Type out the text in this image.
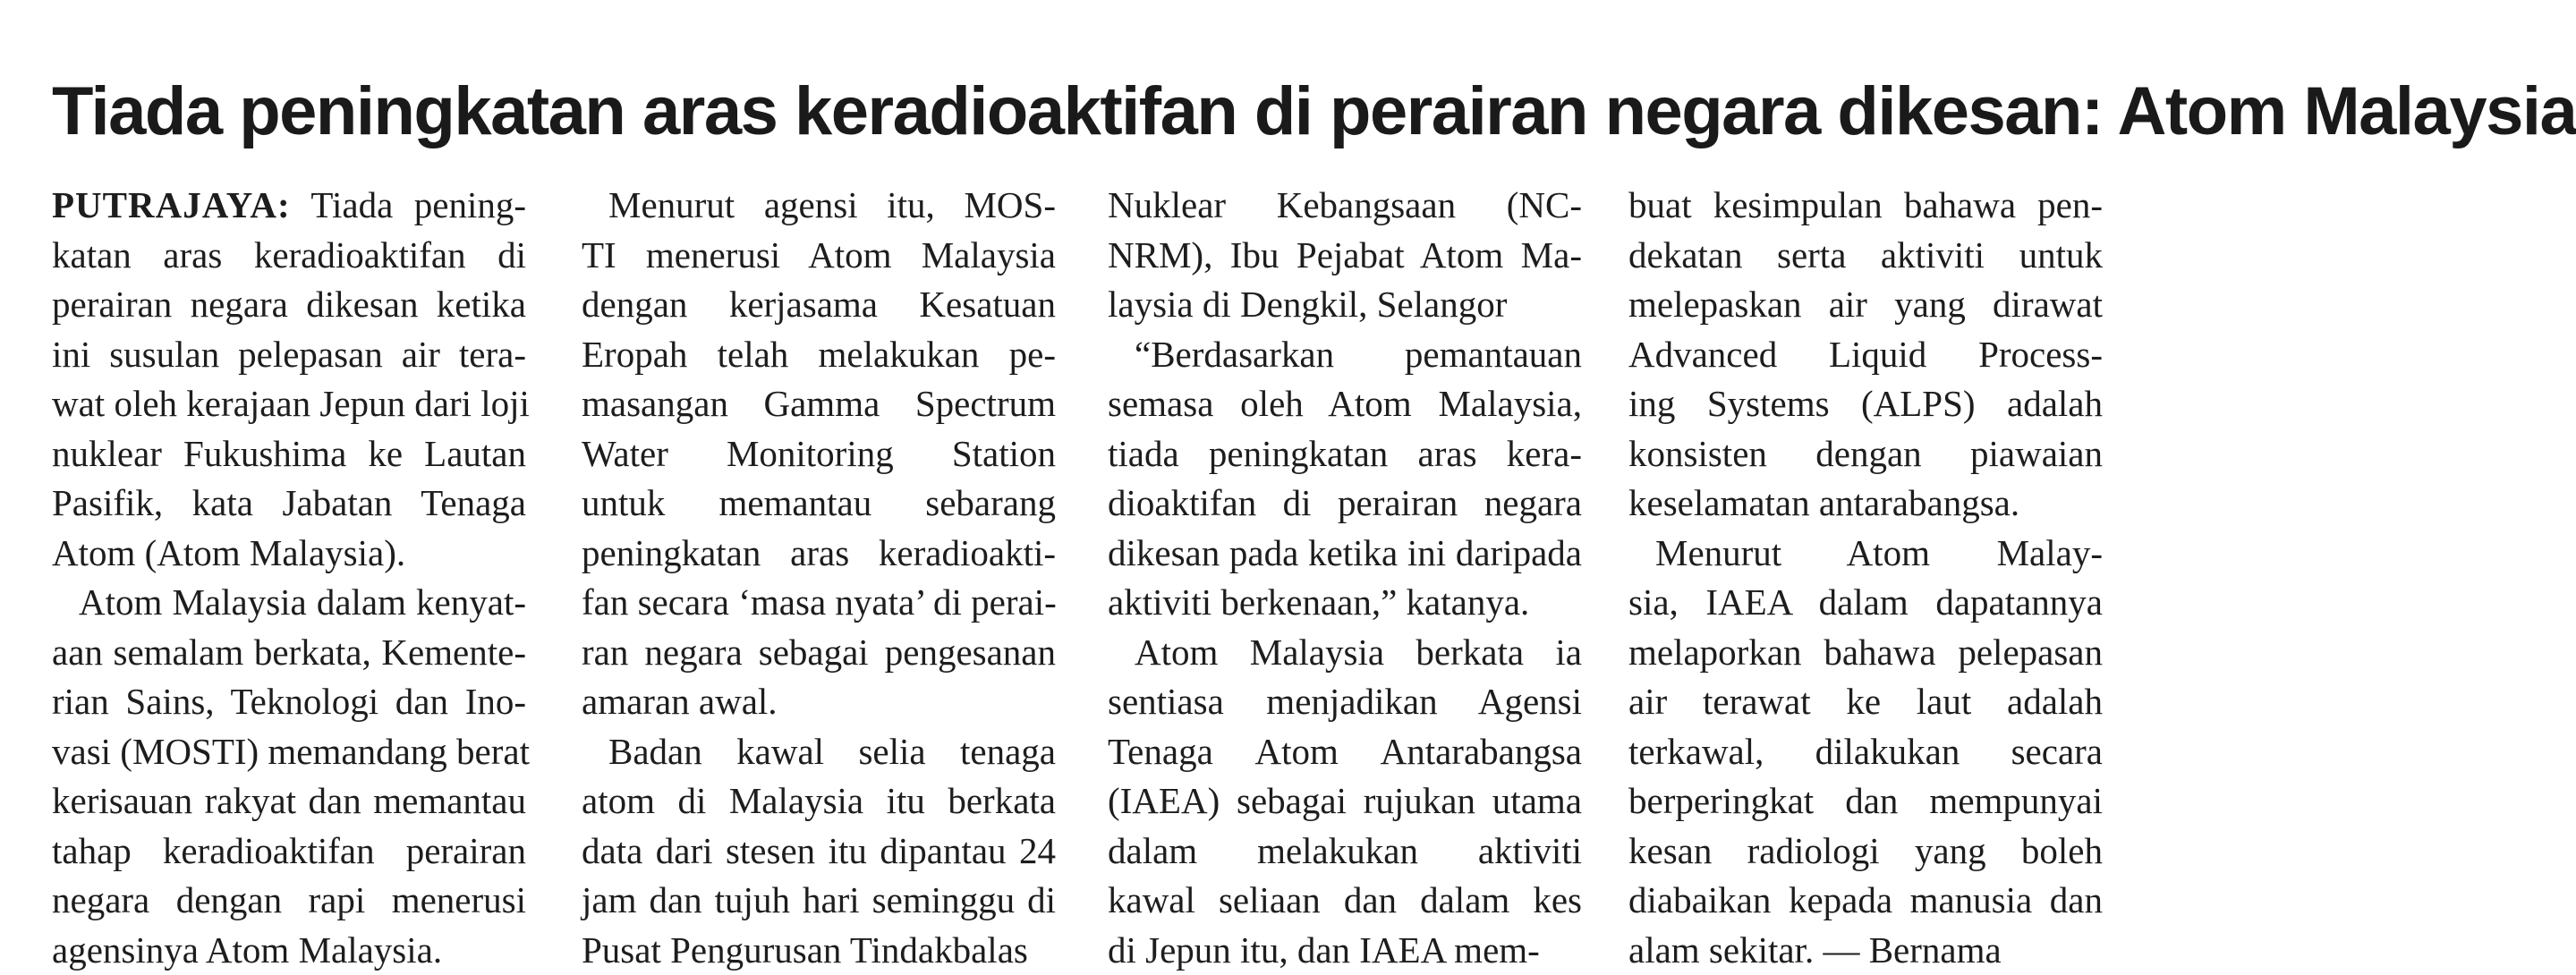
Tiada peningkatan aras keradioaktifan di perairan negara dikesan: Atom Malaysia
PUTRAJAYA: Tiada pening-
katan aras keradioaktifan di
perairan negara dikesan ketika
ini susulan pelepasan air tera-
wat oleh kerajaan Jepun dari loji
nuklear Fukushima ke Lautan
Pasifik, kata Jabatan Tenaga
Atom (Atom Malaysia).
Atom Malaysia dalam kenyat-
aan semalam berkata, Kemente-
rian Sains, Teknologi dan Ino-
vasi (MOSTI) memandang berat
kerisauan rakyat dan memantau
tahap keradioaktifan perairan
negara dengan rapi menerusi
agensinya Atom Malaysia.
Menurut agensi itu, MOS-
TI menerusi Atom Malaysia
dengan kerjasama Kesatuan
Eropah telah melakukan pe-
masangan Gamma Spectrum
Water Monitoring Station
untuk memantau sebarang
peningkatan aras keradioakti-
fan secara ‘masa nyata’ di perai-
ran negara sebagai pengesanan
amaran awal.
Badan kawal selia tenaga
atom di Malaysia itu berkata
data dari stesen itu dipantau 24
jam dan tujuh hari seminggu di
Pusat Pengurusan Tindakbalas
Nuklear Kebangsaan (NC-
NRM), Ibu Pejabat Atom Ma-
laysia di Dengkil, Selangor
“Berdasarkan pemantauan
semasa oleh Atom Malaysia,
tiada peningkatan aras kera-
dioaktifan di perairan negara
dikesan pada ketika ini daripada
aktiviti berkenaan,” katanya.
Atom Malaysia berkata ia
sentiasa menjadikan Agensi
Tenaga Atom Antarabangsa
(IAEA) sebagai rujukan utama
dalam melakukan aktiviti
kawal seliaan dan dalam kes
di Jepun itu, dan IAEA mem-
buat kesimpulan bahawa pen-
dekatan serta aktiviti untuk
melepaskan air yang dirawat
Advanced Liquid Process-
ing Systems (ALPS) adalah
konsisten dengan piawaian
keselamatan antarabangsa.
Menurut Atom Malay-
sia, IAEA dalam dapatannya
melaporkan bahawa pelepasan
air terawat ke laut adalah
terkawal, dilakukan secara
berperingkat dan mempunyai
kesan radiologi yang boleh
diabaikan kepada manusia dan
alam sekitar. — Bernama
